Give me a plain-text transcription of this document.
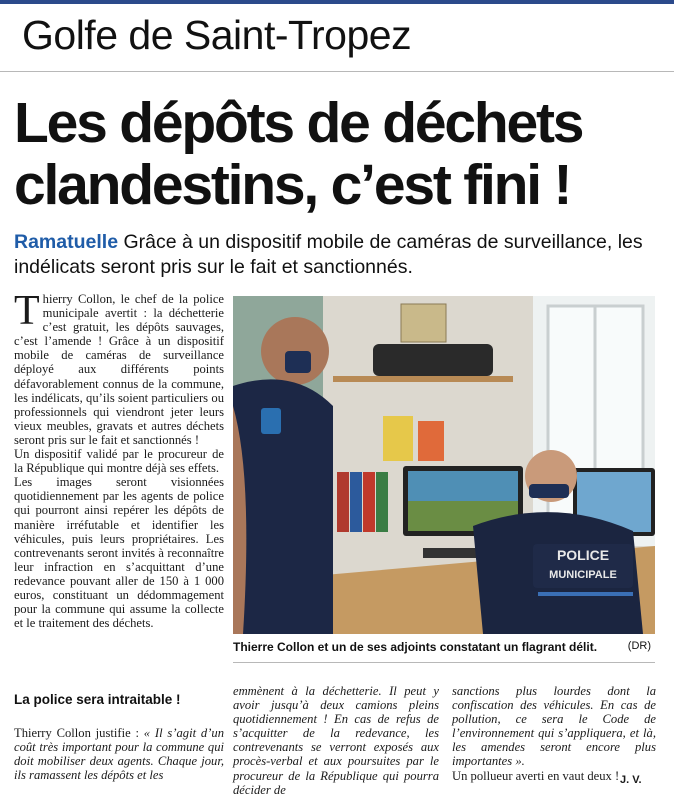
Golfe de Saint-Tropez
Les dépôts de déchets clandestins, c’est fini !
Ramatuelle Grâce à un dispositif mobile de caméras de surveillance, les indélicats seront pris sur le fait et sanctionnés.

Thierry Collon, le chef de la police municipale avertit : la déchetterie c’est gratuit, les dépôts sauvages, c’est l’amende ! Grâce à un dispositif mobile de caméras de surveillance déployé aux différents points défavorablement connus de la commune, les indélicats, qu’ils soient particuliers ou professionnels qui viendront jeter leurs vieux meubles, gravats et autres déchets seront pris sur le fait et sanctionnés !

Un dispositif validé par le procureur de la République qui montre déjà ses effets.

Les images seront visionnées quotidiennement par les agents de police qui pourront ainsi repérer les dépôts de manière irréfutable et identifier les véhicules, puis leurs propriétaires. Les contrevenants seront invités à reconnaître leur infraction en s’acquittant d’une redevance pouvant aller de 150 à 1 000 euros, constituant un dédommagement pour la commune qui assume la collecte et le traitement des déchets.

POLICE
MUNICIPALE
Thierre Collon et un de ses adjoints constatant un flagrant délit.	(DR)
La police sera intraitable !
Thierry Collon justifie : « Il s’agit d’un coût très important pour la commune qui doit mobiliser deux agents. Chaque jour, ils ramassent les dépôts et les
emmènent à la déchetterie. Il peut y avoir jusqu’à deux camions pleins quotidiennement ! En cas de refus de s’acquitter de la redevance, les contrevenants se verront exposés aux procès-verbal et aux poursuites par le procureur de la République qui pourra décider de
sanctions plus lourdes dont la confiscation des véhicules. En cas de pollution, ce sera le Code de l’environnement qui s’appliquera, et là, les amendes seront encore plus importantes ».
Un pollueur averti en vaut deux ! J. V.
